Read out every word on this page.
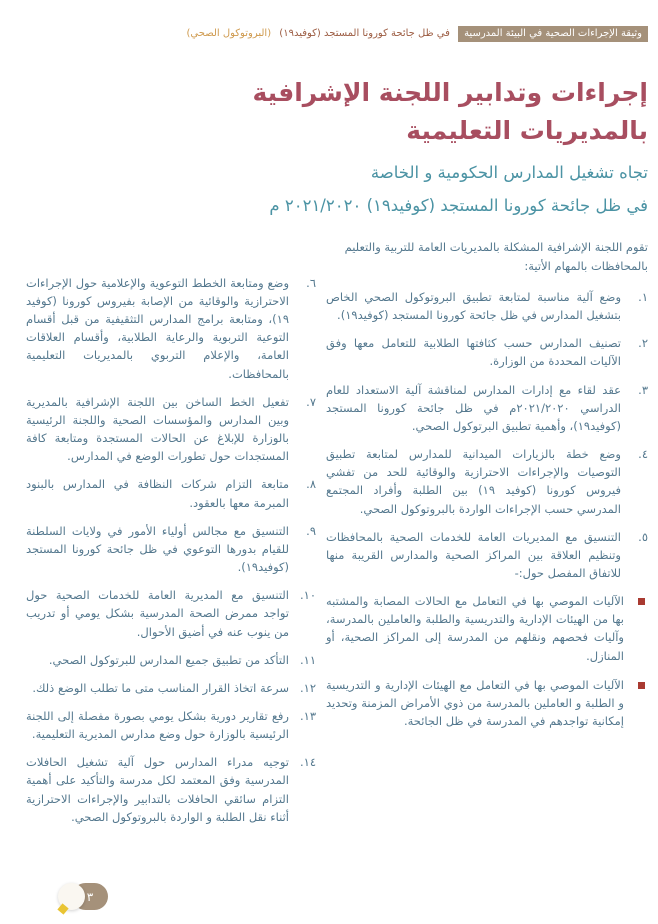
وثيقة الإجراءات الصحية في البيئة المدرسية في ظل جائحة كورونا المستجد (كوفيد١٩) (البروتوكول الصحي)
إجراءات وتدابير اللجنة الإشرافية
بالمديريات التعليمية
تجاه تشغيل المدارس الحكومية و الخاصة
في ظل جائحة كورونا المستجد (كوفيد١٩) ٢٠٢١/٢٠٢٠ م
تقوم اللجنة الإشرافية المشكلة بالمديريات العامة للتربية والتعليم بالمحافظات بالمهام الأتية:
١.
وضع آلية مناسبة لمتابعة تطبيق البروتوكول الصحي الخاص بتشغيل المدارس في ظل جائحة كورونا المستجد (كوفيد١٩).
٢.
تصنيف المدارس حسب كثافتها الطلابية للتعامل معها وفق الآليات المحددة من الوزارة.
٣.
عقد لقاء مع إدارات المدارس لمناقشة آلية الاستعداد للعام الدراسي ٢٠٢١/٢٠٢٠م في ظل جائحة كورونا المستجد (كوفيد١٩)، وأهمية تطبيق البرتوكول الصحي.
٤.
وضع خطة بالزيارات الميدانية للمدارس لمتابعة تطبيق التوصيات والإجراءات الاحترازية والوقائية للحد من تفشي فيروس كورونا (كوفيد ١٩) بين الطلبة وأفراد المجتمع المدرسي حسب الإجراءات الواردة بالبروتوكول الصحي.
٥.
التنسيق مع المديريات العامة للخدمات الصحية بالمحافظات وتنظيم العلاقة بين المراكز الصحية والمدارس القريبة منها للاتفاق المفصل حول:-
الآليات الموصي بها في التعامل مع الحالات المصابة والمشتبه بها من الهيئات الإدارية والتدريسية والطلبة والعاملين بالمدرسة، وآليات فحصهم ونقلهم من المدرسة إلى المراكز الصحية، أو المنازل.
الآليات الموصي بها في التعامل مع الهيئات الإدارية و التدريسية و الطلبة و العاملين بالمدرسة من ذوي الأمراض المزمنة وتحديد إمكانية تواجدهم في المدرسة في ظل الجائحة.
٦.
وضع ومتابعة الخطط التوعوية والإعلامية حول الإجراءات الاحترازية والوقائية من الإصابة بفيروس كورونا (كوفيد ١٩)، ومتابعة برامج المدارس التثقيفية من قبل أقسام التوعية التربوية والرعاية الطلابية، وأقسام العلاقات العامة، والإعلام التربوي بالمديريات التعليمية بالمحافظات.
٧.
تفعيل الخط الساخن بين اللجنة الإشرافية بالمديرية وبين المدارس والمؤسسات الصحية واللجنة الرئيسية بالوزارة للإبلاغ عن الحالات المستجدة ومتابعة كافة المستجدات حول تطورات الوضع في المدارس.
٨.
متابعة التزام شركات النظافة في المدارس بالبنود المبرمة معها بالعقود.
٩.
التنسيق مع مجالس أولياء الأمور في ولايات السلطنة للقيام بدورها التوعوي في ظل جائحة كورونا المستجد (كوفيد١٩).
١٠.
التنسيق مع المديرية العامة للخدمات الصحية حول تواجد ممرض الصحة المدرسية بشكل يومي أو تدريب من ينوب عنه في أضيق الأحوال.
١١.
التأكد من تطبيق جميع المدارس للبرتوكول الصحي.
١٢.
سرعة اتخاذ القرار المناسب متى ما تطلب الوضع ذلك.
١٣.
رفع تقارير دورية بشكل يومي بصورة مفصلة إلى اللجنة الرئيسية بالوزارة حول وضع مدارس المديرية التعليمية.
١٤.
توجيه مدراء المدارس حول آلية تشغيل الحافلات المدرسية وفق المعتمد لكل مدرسة والتأكيد على أهمية التزام سائقي الحافلات بالتدابير والإجراءات الاحترازية أثناء نقل الطلبة و الواردة بالبروتوكول الصحي.
٣
